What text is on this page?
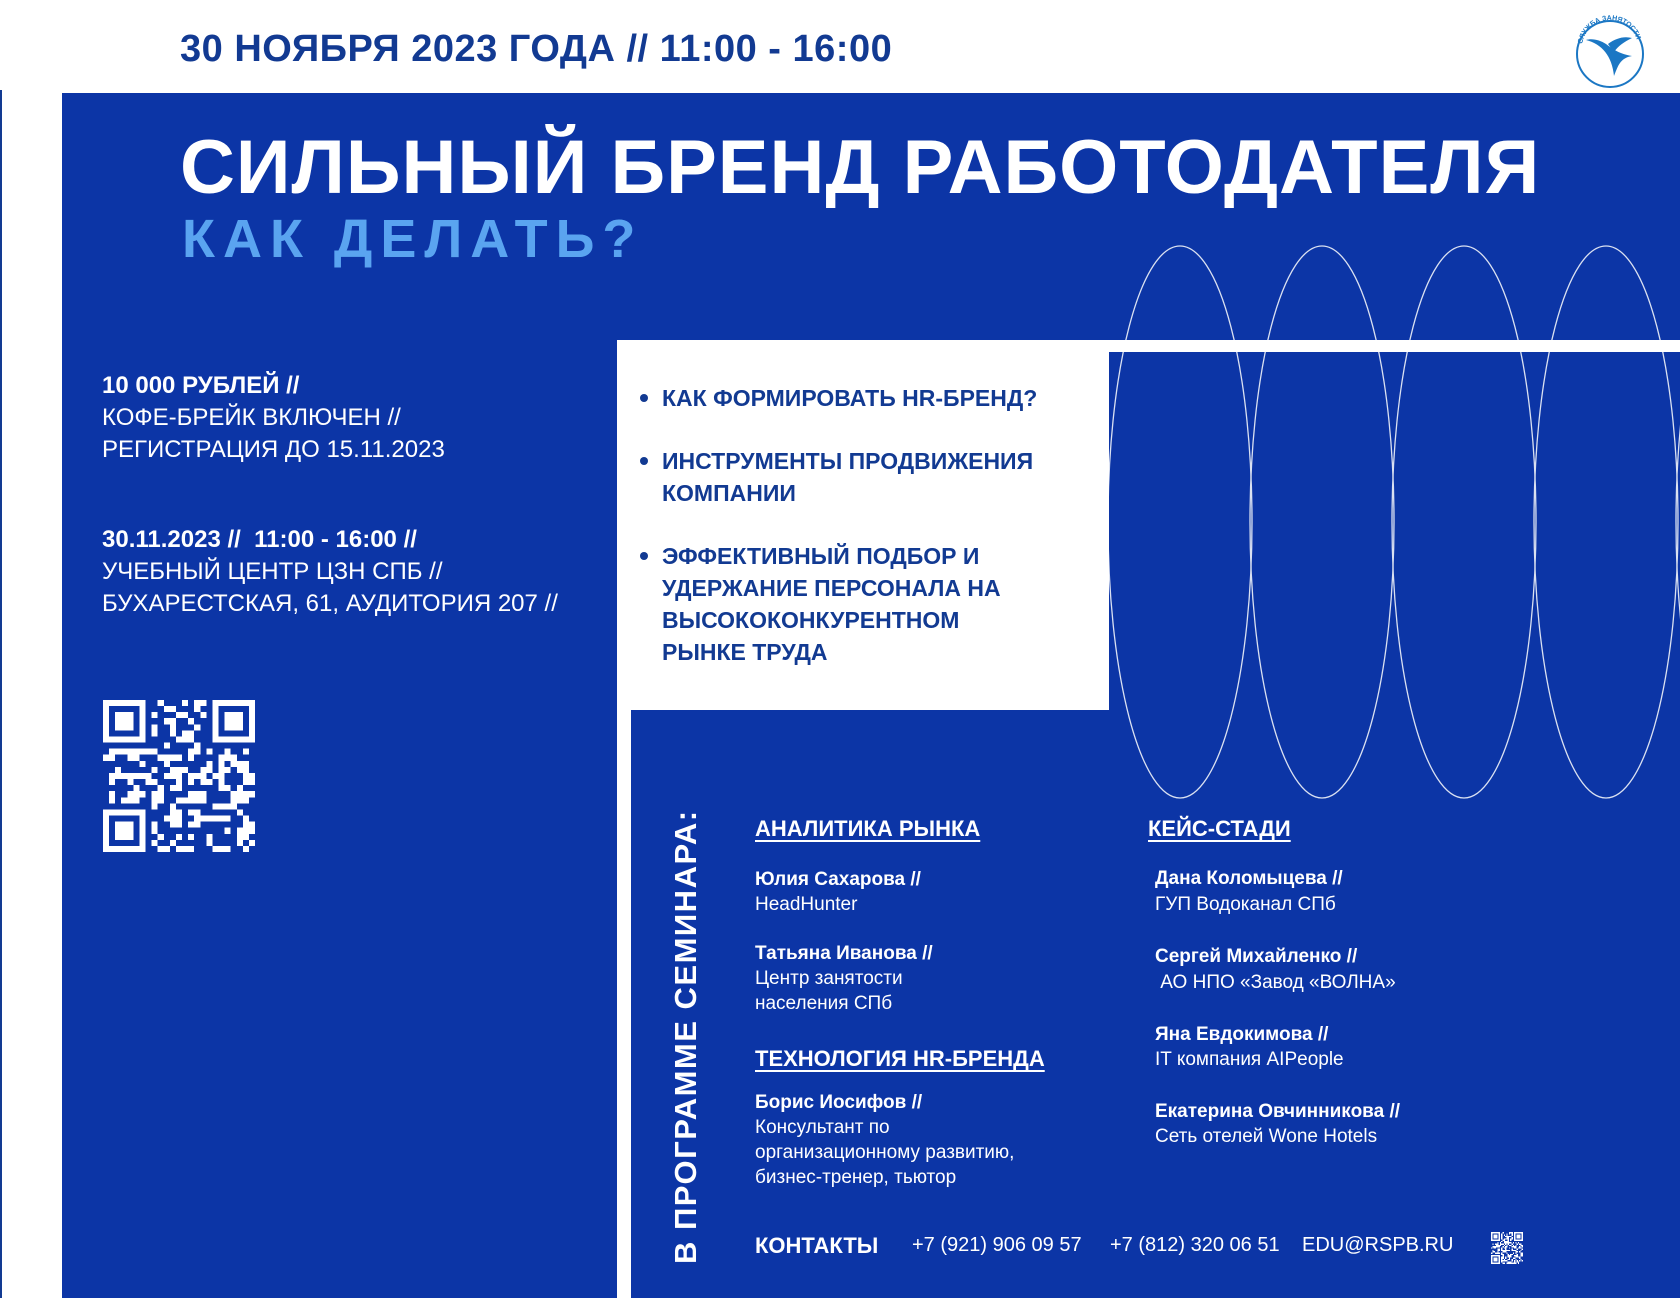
30 НОЯБРЯ 2023 ГОДА // 11:00 - 16:00	СЛУЖБА ЗАНЯТОСТИ
СИЛЬНЫЙ БРЕНД РАБОТОДАТЕЛЯ
КАК ДЕЛАТЬ?
10 000 РУБЛЕЙ //
КОФЕ-БРЕЙК ВКЛЮЧЕН //
РЕГИСТРАЦИЯ ДО 15.11.2023
30.11.2023 //  11:00 - 16:00 //
УЧЕБНЫЙ ЦЕНТР ЦЗН СПБ //
БУХАРЕСТСКАЯ, 61, АУДИТОРИЯ 207 //
КАК ФОРМИРОВАТЬ HR-БРЕНД?
ИНСТРУМЕНТЫ ПРОДВИЖЕНИЯ
КОМПАНИИ
ЭФФЕКТИВНЫЙ ПОДБОР И
УДЕРЖАНИЕ ПЕРСОНАЛА НА
ВЫСОКОКОНКУРЕНТНОМ
РЫНКЕ ТРУДА
В ПРОГРАММЕ СЕМИНАРА: АНАЛИТИКА РЫНКА
Юлия Сахарова //
HeadHunter
Татьяна Иванова //
Центр занятости
населения СПб
ТЕХНОЛОГИЯ HR-БРЕНДА
Борис Иосифов //
Консультант по
организационному развитию,
бизнес-тренер, тьютор
КЕЙС-СТАДИ
Дана Коломыцева //
ГУП Водоканал СПб
Сергей Михайленко //
АО НПО «Завод «ВОЛНА»
Яна Евдокимова //
IT компания AIPeople
Екатерина Овчинникова //
Сеть отелей Wone Hotels
КОНТАКТЫ +7 (921) 906 09 57 +7 (812) 320 06 51 EDU@RSPB.RU
